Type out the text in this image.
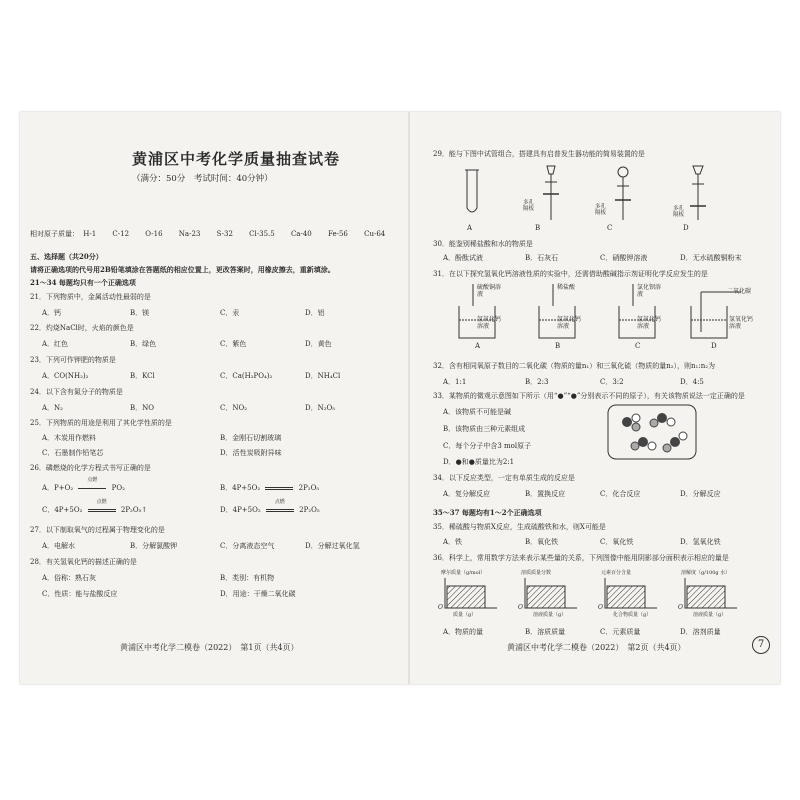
黄浦区中考化学质量抽查试卷
（满分：50分　考试时间：40分钟）
相对原子质量： H-1 C-12 O-16 Na-23 S-32 Cl-35.5 Ca-40 Fe-56 Cu-64
五、选择题（共20分）
请将正确选项的代号用2B铅笔填涂在答题纸的相应位置上，更改答案时，用橡皮擦去，重新填涂。
21～34 每题均只有一个正确选项
21．下列物质中，金属活动性最弱的是
A．钙	B．镁	C．汞	D．铝
22．灼烧NaCl时，火焰的颜色是
A．红色	B．绿色	C．紫色	D．黄色
23．下列可作钾肥的物质是
A．CO(NH₂)₂	B．KCl	C．Ca(H₂PO₄)₂	D．NH₄Cl
24．以下含有氮分子的物质是
A．N₂	B．NO	C．NO₂	D．N₂O₅
25．下列物质的用途是利用了其化学性质的是
A．木炭用作燃料	B．金刚石切割玻璃
C．石墨制作铅笔芯	D．活性炭吸附异味
26．磷燃烧的化学方程式书写正确的是
A．P+O₂
点燃
PO₂	B．4P+5O₂	2P₂O₅
C．4P+5O₂
点燃
2P₂O₅↑	D．4P+5O₂
点燃
2P₂O₅
27．以下制取氧气的过程属于物理变化的是
A．电解水	B．分解氯酸钾	C．分离液态空气	D．分解过氧化氢
28．有关氢氧化钙的描述正确的是
A．俗称：熟石灰	B．类别：有机物
C．性质：能与盐酸反应	D．用途：干燥二氧化碳
黄浦区中考化学二模卷（2022）　第1页（共4页）
29．能与下图中试管组合，搭建具有启普发生器功能的简易装置的是
多孔
隔板	多孔
隔板
多孔
隔板
B	C	D
A
30．能鉴别稀盐酸和水的物质是
A．酚酞试液	B．石灰石	C．硝酸钾溶液	D．无水硫酸铜粉末
31．在以下探究氢氧化钙溶液性质的实验中，还需借助酸碱指示剂证明化学反应发生的是
硫酸铜溶液
氢氧化钙溶液
稀盐酸
氢氧化钙溶液
氯化钡溶液
氢氧化钙溶液
二氧化碳
氢氧化钙溶液
A	B	C	D
32．含有相同氧原子数目的二氧化碳（物质的量n₁）和三氧化硫（物质的量n₂），则n₁:n₂为
A．1:1	B．2:3	C．3:2	D．4:5
33．某物质的微观示意图如下所示（用“●”“●”分别表示不同的原子），有关该物质说法一定正确的是
A．该物质不可能是碱
B．该物质由三种元素组成
C．每个分子中含3 mol原子
D．●和●质量比为2:1
34．以下反应类型，一定有单质生成的反应是
A．复分解反应	B．置换反应	C．化合反应	D．分解反应
35～37 每题均有1～2个正确选项
35．稀硫酸与物质X反应，生成硫酸铁和水，则X可能是
A．铁	B．氧化铁	C．氧化铁	D．氢氧化铁
36．科学上，常用数学方法来表示某些量的关系，下列图像中能用阴影部分面积表示相应的量是
摩尔质量（g/mol）
O
质量（g）
溶质质量分数
O
溶液质量（g）
元素百分含量
O
化合物质量（g）
溶解度（g/100g 水）
O
溶液质量（g）
A．物质的量	B．溶质质量	C．元素质量	D．溶剂质量
黄浦区中考化学二模卷（2022）　第2页（共4页）	7
